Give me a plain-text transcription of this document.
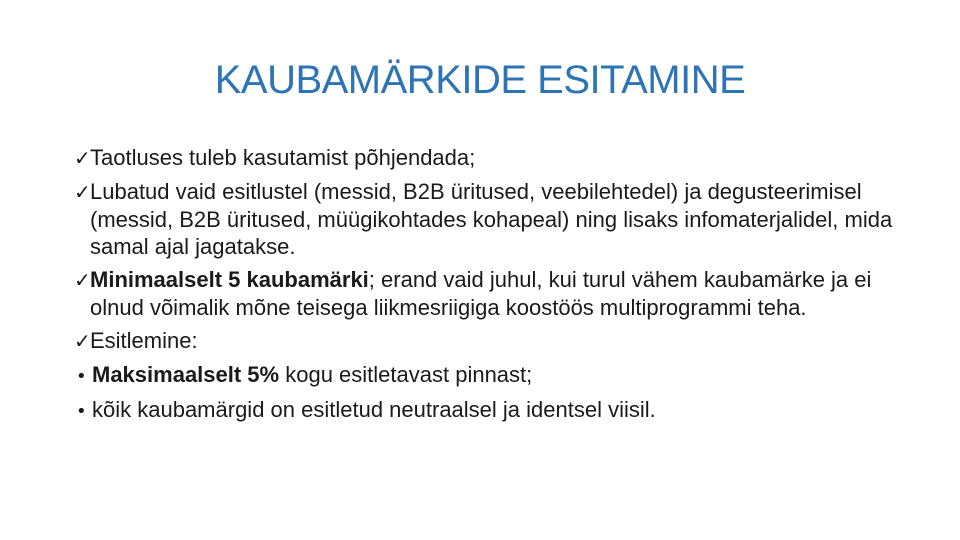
KAUBAMÄRKIDE ESITAMINE
✓Taotluses tuleb kasutamist põhjendada;
✓Lubatud vaid esitlustel (messid, B2B üritused, veebilehtedel) ja degusteerimisel (messid, B2B üritused, müügikohtades kohapeal) ning lisaks infomaterjalidel, mida samal ajal jagatakse.
✓Minimaalselt 5 kaubamärki; erand vaid juhul, kui turul vähem kaubamärke ja ei olnud võimalik mõne teisega liikmesriigiga koostöös multiprogrammi teha.
✓Esitlemine:
• Maksimaalselt 5% kogu esitletavast pinnast;
• kõik kaubamärgid on esitletud neutraalsel ja identsel viisil.
